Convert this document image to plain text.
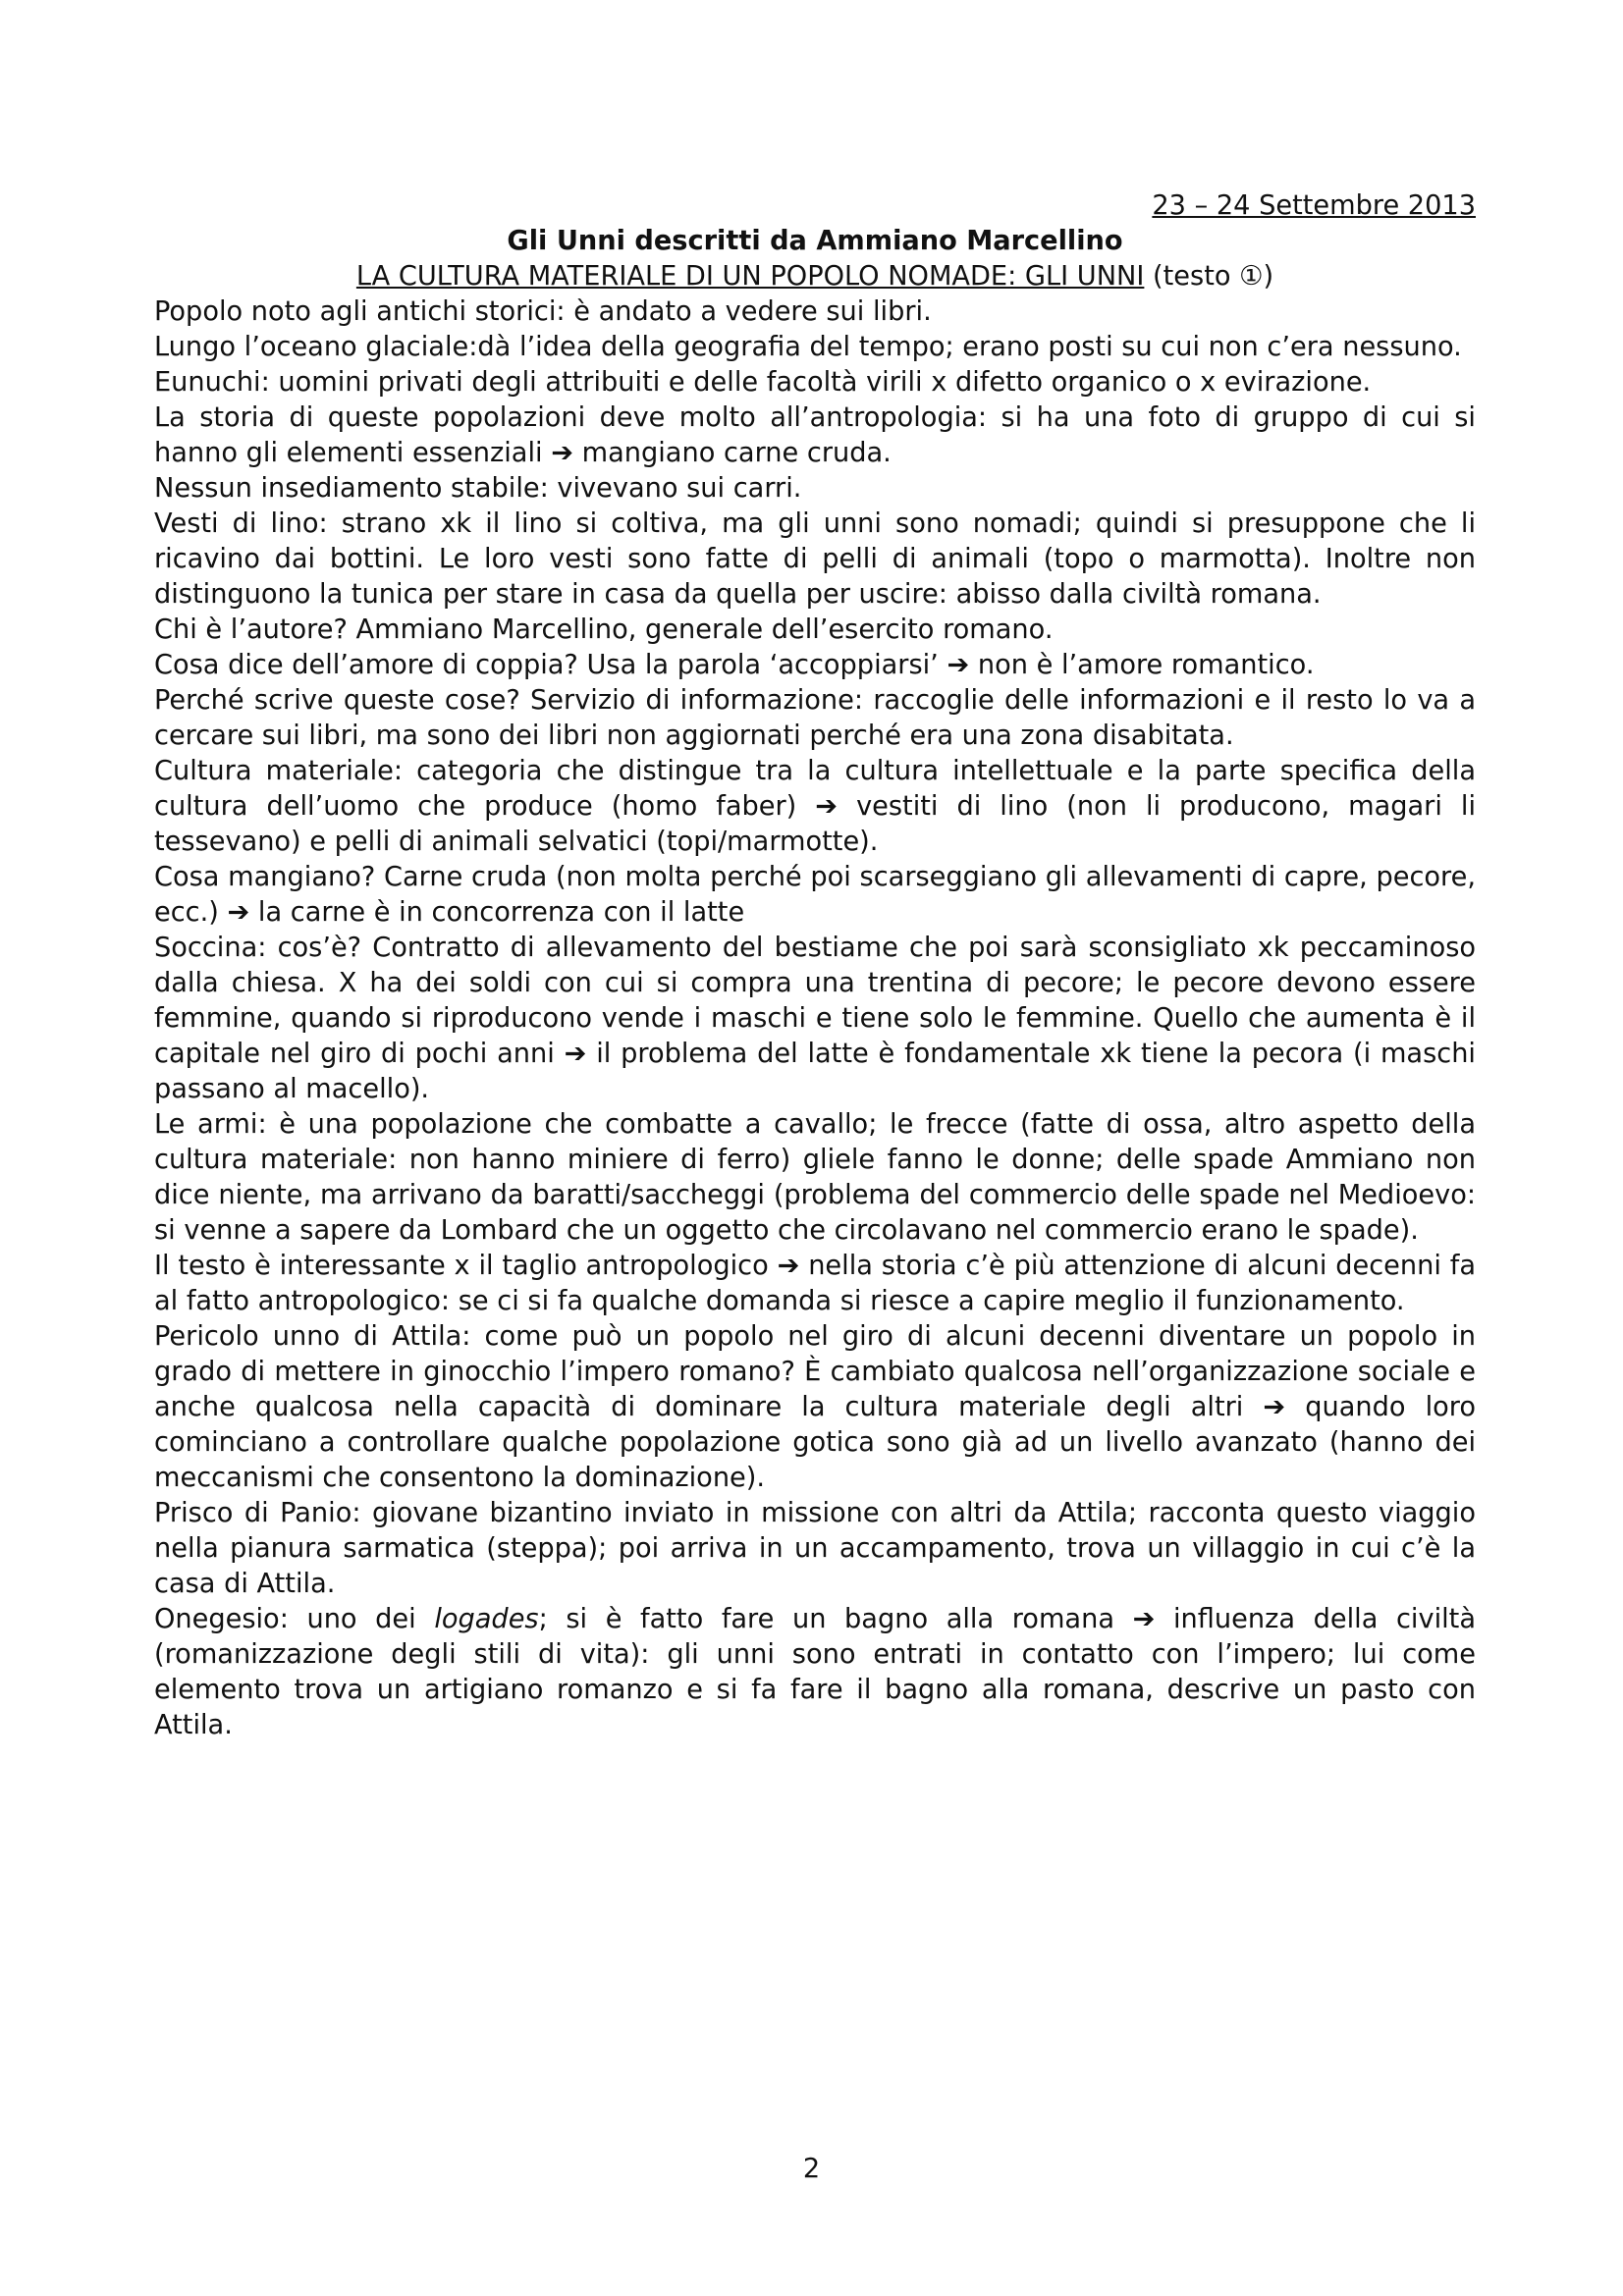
23 – 24 Settembre 2013
Gli Unni descritti da Ammiano Marcellino
LA CULTURA MATERIALE DI UN POPOLO NOMADE: GLI UNNI (testo ①)

Popolo noto agli antichi storici: è andato a vedere sui libri.

Lungo l’oceano glaciale:dà l’idea della geografia del tempo; erano posti su cui non c’era nessuno.

Eunuchi: uomini privati degli attribuiti e delle facoltà virili x difetto organico o x evirazione.

La storia di queste popolazioni deve molto all’antropologia: si ha una foto di gruppo di cui si hanno gli elementi essenziali ➔ mangiano carne cruda.

Nessun insediamento stabile: vivevano sui carri.

Vesti di lino: strano xk il lino si coltiva, ma gli unni sono nomadi; quindi si presuppone che li ricavino dai bottini. Le loro vesti sono fatte di pelli di animali (topo o marmotta). Inoltre non distinguono la tunica per stare in casa da quella per uscire: abisso dalla civiltà romana.

Chi è l’autore? Ammiano Marcellino, generale dell’esercito romano.

Cosa dice dell’amore di coppia? Usa la parola ‘accoppiarsi’ ➔ non è l’amore romantico.

Perché scrive queste cose? Servizio di informazione: raccoglie delle informazioni e il resto lo va a cercare sui libri, ma sono dei libri non aggiornati perché era una zona disabitata.

Cultura materiale: categoria che distingue tra la cultura intellettuale e la parte specifica della cultura dell’uomo che produce (homo faber) ➔ vestiti di lino (non li producono, magari li tessevano) e pelli di animali selvatici (topi/marmotte).

Cosa mangiano? Carne cruda (non molta perché poi scarseggiano gli allevamenti di capre, pecore, ecc.) ➔ la carne è in concorrenza con il latte

Soccina: cos’è? Contratto di allevamento del bestiame che poi sarà sconsigliato xk peccaminoso dalla chiesa. X ha dei soldi con cui si compra una trentina di pecore; le pecore devono essere femmine, quando si riproducono vende i maschi e tiene solo le femmine. Quello che aumenta è il capitale nel giro di pochi anni ➔ il problema del latte è fondamentale xk tiene la pecora (i maschi passano al macello).

Le armi: è una popolazione che combatte a cavallo; le frecce (fatte di ossa, altro aspetto della cultura materiale: non hanno miniere di ferro) gliele fanno le donne; delle spade Ammiano non dice niente, ma arrivano da baratti/saccheggi (problema del commercio delle spade nel Medioevo: si venne a sapere da Lombard che un oggetto che circolavano nel commercio erano le spade).

Il testo è interessante x il taglio antropologico ➔ nella storia c’è più attenzione di alcuni decenni fa al fatto antropologico: se ci si fa qualche domanda si riesce a capire meglio il funzionamento.

Pericolo unno di Attila: come può un popolo nel giro di alcuni decenni diventare un popolo in grado di mettere in ginocchio l’impero romano? È cambiato qualcosa nell’organizzazione sociale e anche qualcosa nella capacità di dominare la cultura materiale degli altri ➔ quando loro cominciano a controllare qualche popolazione gotica sono già ad un livello avanzato (hanno dei meccanismi che consentono la dominazione).

Prisco di Panio: giovane bizantino inviato in missione con altri da Attila; racconta questo viaggio nella pianura sarmatica (steppa); poi arriva in un accampamento, trova un villaggio in cui c’è la casa di Attila.

Onegesio: uno dei logades; si è fatto fare un bagno alla romana ➔ influenza della civiltà (romanizzazione degli stili di vita): gli unni sono entrati in contatto con l’impero; lui come elemento trova un artigiano romanzo e si fa fare il bagno alla romana, descrive un pasto con Attila.

2
